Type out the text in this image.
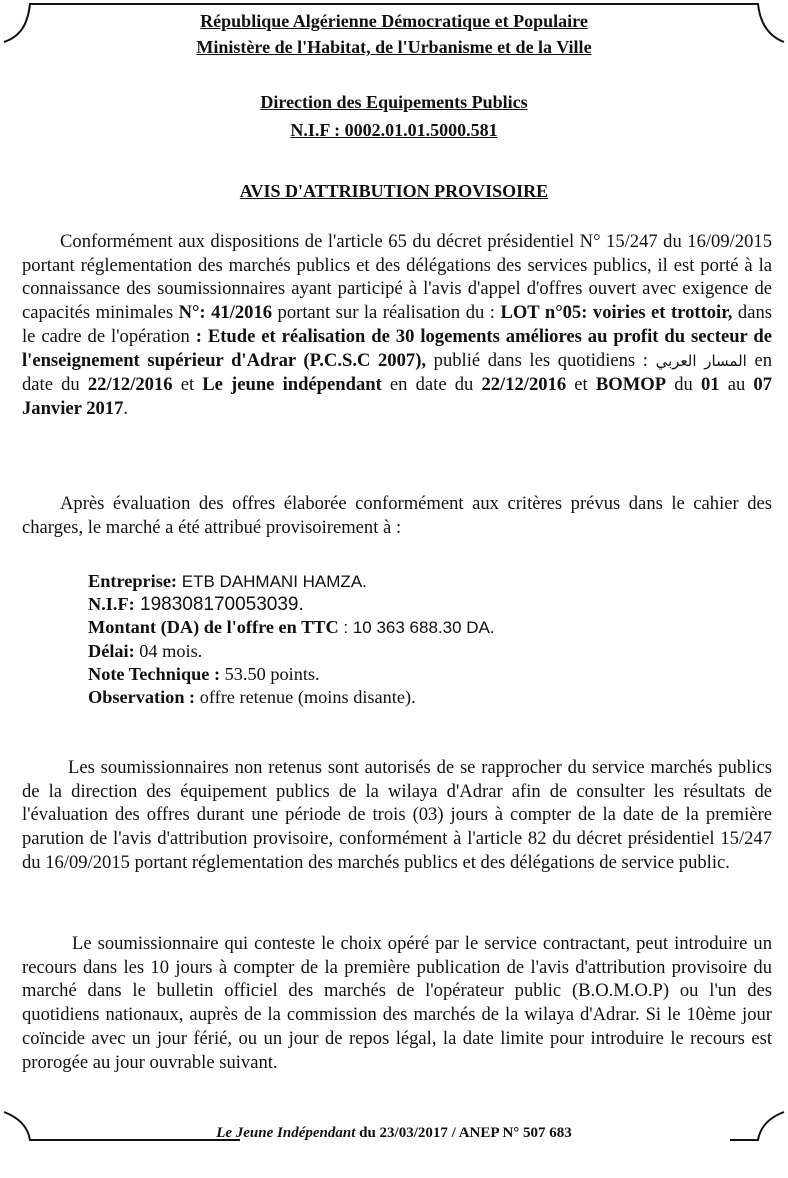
République Algérienne Démocratique et Populaire
Ministère de l'Habitat, de l'Urbanisme et de la Ville
Direction des Equipements Publics
N.I.F : 0002.01.01.5000.581
AVIS D'ATTRIBUTION PROVISOIRE

Conformément aux dispositions de l'article 65 du décret présidentiel N° 15/247 du 16/09/2015 portant réglementation des marchés publics et des délégations des services publics, il est porté à la connaissance des soumissionnaires ayant participé à l'avis d'appel d'offres ouvert avec exigence de capacités minimales N°: 41/2016 portant sur la réalisation du : LOT n°05: voiries et trottoir, dans le cadre de l'opération : Etude et réalisation de 30 logements améliores au profit du secteur de l'enseignement supérieur d'Adrar (P.C.S.C 2007), publié dans les quotidiens : المسار العربي en date du 22/12/2016 et Le jeune indépendant en date du 22/12/2016 et BOMOP du 01 au 07 Janvier 2017.

Après évaluation des offres élaborée conformément aux critères prévus dans le cahier des charges, le marché a été attribué provisoirement à :

Entreprise: ETB DAHMANI HAMZA.
N.I.F: 198308170053039.
Montant (DA) de l'offre en TTC : 10 363 688.30 DA.
Délai: 04 mois.
Note Technique : 53.50 points.
Observation : offre retenue (moins disante).

Les soumissionnaires non retenus sont autorisés de se rapprocher du service marchés publics de la direction des équipement publics de la wilaya d'Adrar afin de consulter les résultats de l'évaluation des offres durant une période de trois (03) jours à compter de la date de la première parution de l'avis d'attribution provisoire, conformément à l'article 82 du décret présidentiel 15/247 du 16/09/2015 portant réglementation des marchés publics et des délégations de service public.

Le soumissionnaire qui conteste le choix opéré par le service contractant, peut introduire un recours dans les 10 jours à compter de la première publication de l'avis d'attribution provisoire du marché dans le bulletin officiel des marchés de l'opérateur public (B.O.M.O.P) ou l'un des quotidiens nationaux, auprès de la commission des marchés de la wilaya d'Adrar. Si le 10ème jour coïncide avec un jour férié, ou un jour de repos légal, la date limite pour introduire le recours est prorogée au jour ouvrable suivant.

Le Jeune Indépendant du 23/03/2017 / ANEP N° 507 683
